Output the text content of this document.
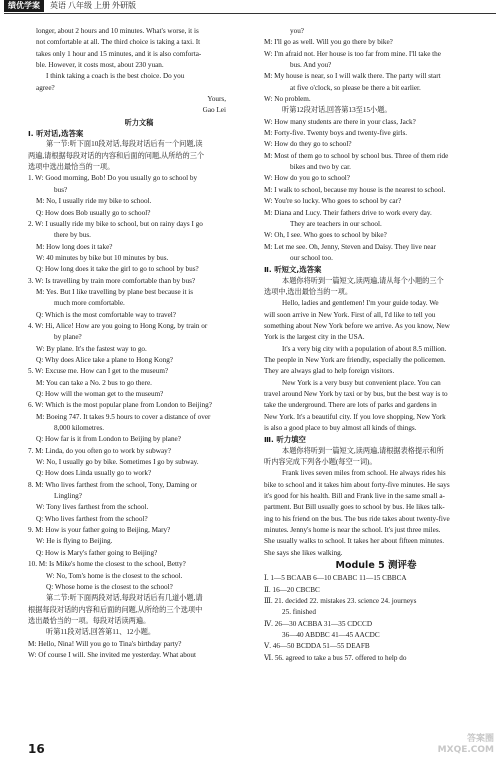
绩优学案	英语 八年级 上册 外研版
longer, about 2 hours and 10 minutes. What's worse, it is
not comfortable at all. The third choice is taking a taxi. It
takes only 1 hour and 15 minutes, and it is also comforta-
ble. However, it costs most, about 230 yuan.
I think taking a coach is the best choice. Do you
agree?
Yours,
Gao Lei
听力文稿
Ⅰ. 听对话,选答案
第一节:听下面10段对话,每段对话后有一个问题,读
两遍,请根据每段对话的内容和后面的问题,从所给的三个
选项中选出最恰当的一项。
1. W: Good morning, Bob! Do you usually go to school by
bus?
M: No, I usually ride my bike to school.
Q: How does Bob usually go to school?
2. W: I usually ride my bike to school, but on rainy days I go
there by bus.
M: How long does it take?
W: 40 minutes by bike but 10 minutes by bus.
Q: How long does it take the girl to go to school by bus?
3. W: Is travelling by train more comfortable than by bus?
M: Yes. But I like travelling by plane best because it is
much more comfortable.
Q: Which is the most comfortable way to travel?
4. W: Hi, Alice! How are you going to Hong Kong, by train or
by plane?
W: By plane. It's the fastest way to go.
Q: Why does Alice take a plane to Hong Kong?
5. W: Excuse me. How can I get to the museum?
M: You can take a No. 2 bus to go there.
Q: How will the woman get to the museum?
6. W: Which is the most popular plane from London to Beijing?
M: Boeing 747. It takes 9.5 hours to cover a distance of over
8,000 kilometres.
Q: How far is it from London to Beijing by plane?
7. M: Linda, do you often go to work by subway?
W: No, I usually go by bike. Sometimes I go by subway.
Q: How does Linda usually go to work?
8. M: Who lives farthest from the school, Tony, Daming or
Lingling?
W: Tony lives farthest from the school.
Q: Who lives farthest from the school?
9. M: How is your father going to Beijing, Mary?
W: He is flying to Beijing.
Q: How is Mary's father going to Beijing?
10. M: Is Mike's home the closest to the school, Betty?
W: No, Tom's home is the closest to the school.
Q: Whose home is the closest to the school?
第二节:听下面两段对话,每段对话后有几道小题,请
根据每段对话的内容和后面的问题,从所给的三个选项中
选出最恰当的一项。每段对话读两遍。
听第11段对话,回答第11、12小题。
M: Hello, Nina! Will you go to Tina's birthday party?
W: Of course I will. She invited me yesterday. What about
you?
M: I'll go as well. Will you go there by bike?
W: I'm afraid not. Her house is too far from mine. I'll take the
bus. And you?
M: My house is near, so I will walk there. The party will start
at five o'clock, so please be there a bit earlier.
W: No problem.
听第12段对话,回答第13至15小题。
W: How many students are there in your class, Jack?
M: Forty-five. Twenty boys and twenty-five girls.
W: How do they go to school?
M: Most of them go to school by school bus. Three of them ride
bikes and two by car.
W: How do you go to school?
M: I walk to school, because my house is the nearest to school.
W: You're so lucky. Who goes to school by car?
M: Diana and Lucy. Their fathers drive to work every day.
They are teachers in our school.
W: Oh, I see. Who goes to school by bike?
M: Let me see. Oh, Jenny, Steven and Daisy. They live near
our school too.
Ⅱ. 听短文,选答案
本题你将听到一篇短文,读两遍,请从每个小题的三个
选项中,选出最恰当的一项。
Hello, ladies and gentlemen! I'm your guide today. We
will soon arrive in New York. First of all, I'd like to tell you
something about New York before we arrive. As you know, New
York is the largest city in the USA.
It's a very big city with a population of about 8.5 million.
The people in New York are friendly, especially the policemen.
They are always glad to help foreign visitors.
New York is a very busy but convenient place. You can
travel around New York by taxi or by bus, but the best way is to
take the underground. There are lots of parks and gardens in
New York. It's a beautiful city. If you love shopping, New York
is also a good place to buy almost all kinds of things.
Ⅲ. 听力填空
本题你将听到一篇短文,读两遍,请根据表格提示和所
听内容完成下列各小题(每空一词)。
Frank lives seven miles from school. He always rides his
bike to school and it takes him about forty-five minutes. He says
it's good for his health. Bill and Frank live in the same small a-
partment. But Bill usually goes to school by bus. He likes talk-
ing to his friend on the bus. The bus ride takes about twenty-five
minutes. Jenny's home is near the school. It's just three miles.
She usually walks to school. It takes her about fifteen minutes.
She says she likes walking.
Module 5 测评卷
Ⅰ. 1—5 BCAAB 6—10 CBABC 11—15 CBBCA
Ⅱ. 16—20 CBCBC
Ⅲ. 21. decided 22. mistakes 23. science 24. journeys
25. finished
Ⅳ. 26—30 ACBBA 31—35 CDCCD
36—40 ABDBC 41—45 AACDC
Ⅴ. 46—50 BCDDA 51—55 DEAFB
Ⅵ. 56. agreed to take a bus 57. offered to help do
16
答案圈
MXQE.COM
